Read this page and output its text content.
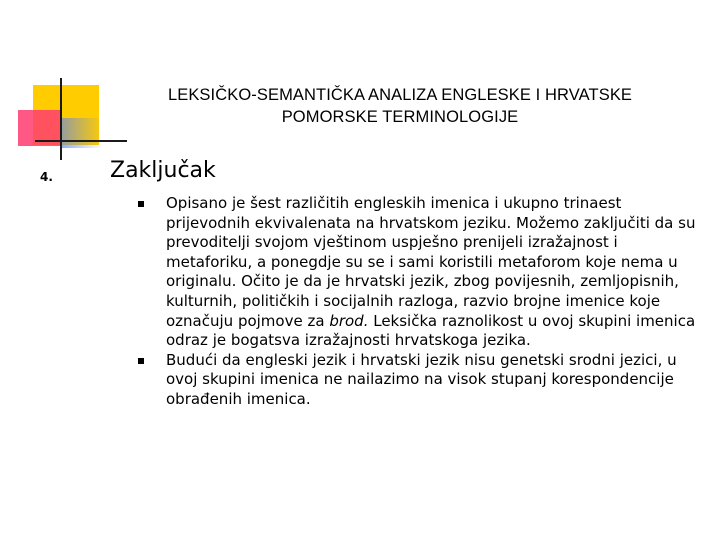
LEKSIČKO-SEMANTIČKA ANALIZA ENGLESKE I HRVATSKE
POMORSKE TERMINOLOGIJE
4.	Zaključak
Opisano je šest različitih engleskih imenica i ukupno trinaest prijevodnih ekvivalenata na hrvatskom jeziku. Možemo zaključiti da su prevoditelji svojom vještinom uspješno prenijeli izražajnost i metaforiku, a ponegdje su se i sami koristili metaforom koje nema u originalu. Očito je da je hrvatski jezik, zbog povijesnih, zemljopisnih, kulturnih, političkih i socijalnih razloga, razvio brojne imenice koje označuju pojmove za brod. Leksička raznolikost u ovoj skupini imenica odraz je bogatsva izražajnosti hrvatskoga jezika.
Budući da engleski jezik i hrvatski jezik nisu genetski srodni jezici, u ovoj skupini imenica ne nailazimo na visok stupanj korespondencije obrađenih imenica.
